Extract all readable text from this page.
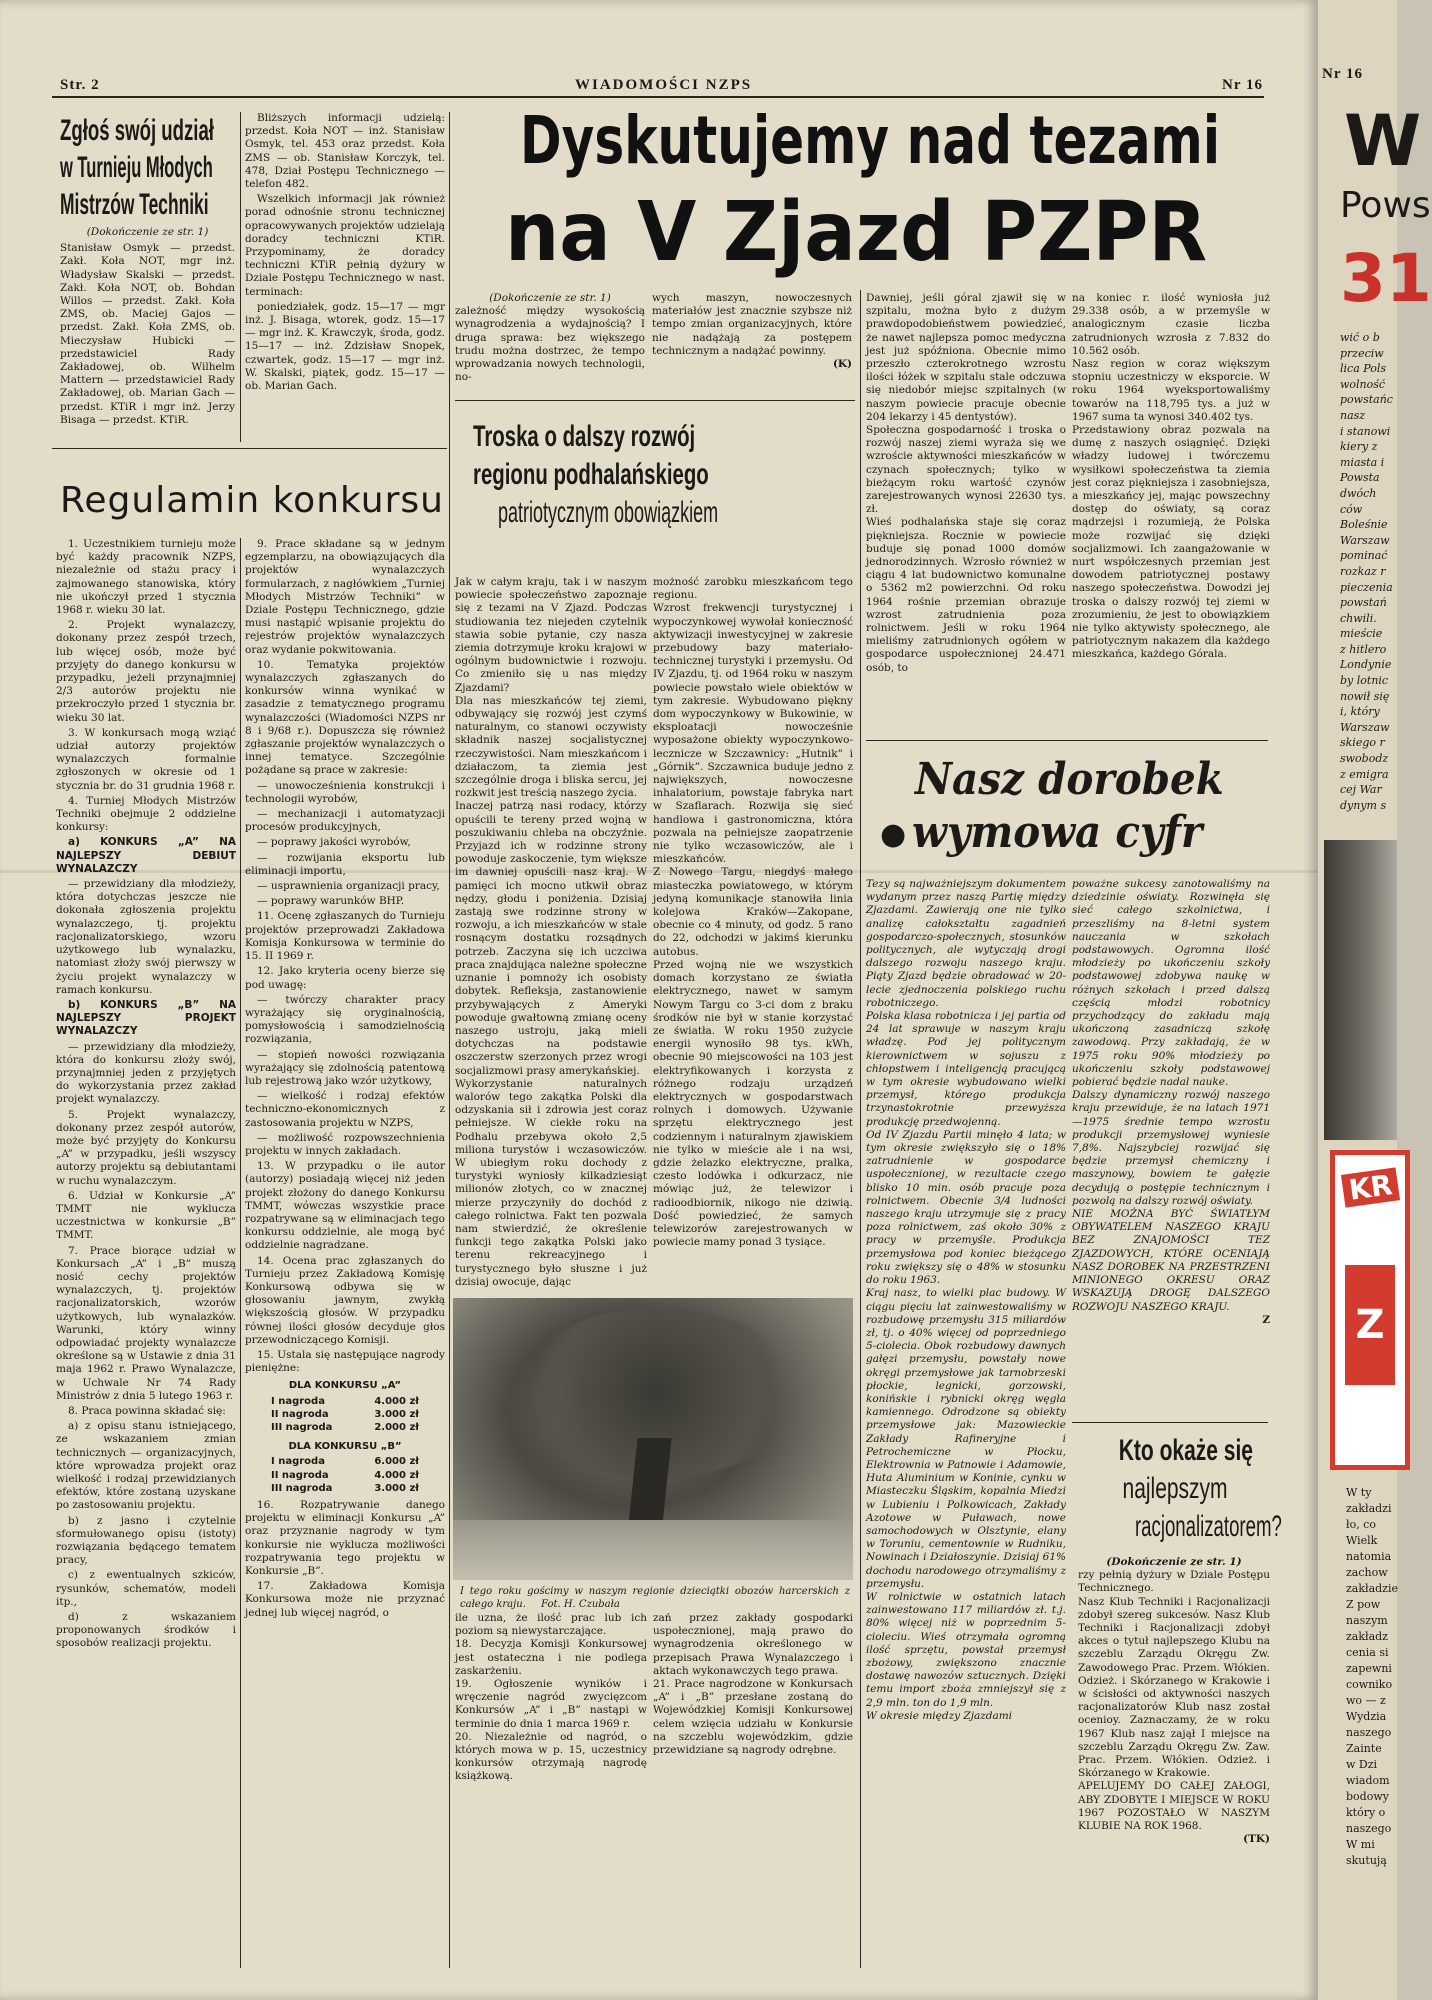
Str. 2	WIADOMOŚCI NZPS	Nr 16
Zgłoś swój udział
w Turnieju Młodych
Mistrzów Techniki
(Dokończenie ze str. 1)
Stanisław Osmyk — przedst. Zakł. Koła NOT, mgr inż. Władysław Skalski — przedst. Zakł. Koła NOT, ob. Bohdan Willos — przedst. Zakł. Koła ZMS, ob. Maciej Gajos — przedst. Zakł. Koła ZMS, ob. Mieczysław Hubicki — przedstawiciel Rady Zakładowej, ob. Wilhelm Mattern — przedstawiciel Rady Zakładowej, ob. Marian Gach — przedst. KTiR i mgr inż. Jerzy Bisaga — przedst. KTiR.

Bliższych informacji udzielą: przedst. Koła NOT — inż. Stanisław Osmyk, tel. 453 oraz przedst. Koła ZMS — ob. Stanisław Korczyk, tel. 478, Dział Postępu Technicznego — telefon 482.

Wszelkich informacji jak również porad odnośnie stronu technicznej opracowywanych projektów udzielają doradcy techniczni KTiR. Przypominamy, że doradcy techniczni KTiR pełnią dyżury w Dziale Postępu Technicznego w nast. terminach:

poniedziałek, godz. 15—17 — mgr inż. J. Bisaga, wtorek, godz. 15—17 — mgr inż. K. Krawczyk, środa, godz. 15—17 — inż. Zdzisław Snopek, czwartek, godz. 15—17 — mgr inż. W. Skalski, piątek, godz. 15—17 — ob. Marian Gach.

Regulamin konkursu

1. Uczestnikiem turnieju może być każdy pracownik NZPS, niezależnie od stażu pracy i zajmowanego stanowiska, który nie ukończył przed 1 stycznia 1968 r. wieku 30 lat.

2. Projekt wynalazczy, dokonany przez zespół trzech, lub więcej osób, może być przyjęty do danego konkursu w przypadku, jeżeli przynajmniej 2/3 autorów projektu nie przekroczyło przed 1 stycznia br. wieku 30 lat.

3. W konkursach mogą wziąć udział autorzy projektów wynalazczych formalnie zgłoszonych w okresie od 1 stycznia br. do 31 grudnia 1968 r.

4. Turniej Młodych Mistrzów Techniki obejmuje 2 oddzielne konkursy:

a) KONKURS „A” NA NAJLEPSZY DEBIUT WYNALAZCZY

— przewidziany dla młodzieży, która dotychczas jeszcze nie dokonała zgłoszenia projektu wynalazczego, tj. projektu racjonalizatorskiego, wzoru użytkowego lub wynalazku, natomiast złoży swój pierwszy w życiu projekt wynalazczy w ramach konkursu.

b) KONKURS „B” NA NAJLEPSZY PROJEKT WYNALAZCZY

— przewidziany dla młodzieży, która do konkursu złoży swój, przynajmniej jeden z przyjętych do wykorzystania przez zakład projekt wynalazczy.

5. Projekt wynalazczy, dokonany przez zespół autorów, może być przyjęty do Konkursu „A” w przypadku, jeśli wszyscy autorzy projektu są debiutantami w ruchu wynalazczym.

6. Udział w Konkursie „A” TMMT nie wyklucza uczestnictwa w konkursie „B” TMMT.

7. Prace biorące udział w Konkursach „A” i „B” muszą nosić cechy projektów wynalazczych, tj. projektów racjonalizatorskich, wzorów użytkowych, lub wynalazków. Warunki, który winny odpowiadać projekty wynalazcze określone są w Ustawie z dnia 31 maja 1962 r. Prawo Wynalazcze, w Uchwale Nr 74 Rady Ministrów z dnia 5 lutego 1963 r.

8. Praca powinna składać się:

a) z opisu stanu istniejącego, ze wskazaniem zmian technicznych — organizacyjnych, które wprowadza projekt oraz wielkość i rodzaj przewidzianych efektów, które zostaną uzyskane po zastosowaniu projektu.

b) z jasno i czytelnie sformułowanego opisu (istoty) rozwiązania będącego tematem pracy,

c) z ewentualnych szkiców, rysunków, schematów, modeli itp.,

d) z wskazaniem proponowanych środków i sposobów realizacji projektu.

9. Prace składane są w jednym egzemplarzu, na obowiązujących dla projektów wynalazczych formularzach, z nagłówkiem „Turniej Młodych Mistrzów Techniki” w Dziale Postępu Technicznego, gdzie musi nastąpić wpisanie projektu do rejestrów projektów wynalazczych oraz wydanie pokwitowania.

10. Tematyka projektów wynalazczych zgłaszanych do konkursów winna wynikać w zasadzie z tematycznego programu wynalazczości (Wiadomości NZPS nr 8 i 9/68 r.). Dopuszcza się również zgłaszanie projektów wynalazczych o innej tematyce. Szczególnie pożądane są prace w zakresie:

— unowocześnienia konstrukcji i technologii wyrobów,

— mechanizacji i automatyzacji procesów produkcyjnych,

— poprawy jakości wyrobów,

— rozwijania eksportu lub eliminacji importu,

— usprawnienia organizacji pracy,

— poprawy warunków BHP.

11. Ocenę zgłaszanych do Turnieju projektów przeprowadzi Zakładowa Komisja Konkursowa w terminie do 15. II 1969 r.

12. Jako kryteria oceny bierze się pod uwagę:

— twórczy charakter pracy wyrażający się oryginalnością, pomysłowością i samodzielnością rozwiązania,

— stopień nowości rozwiązania wyrażający się zdolnością patentową lub rejestrową jako wzór użytkowy,

— wielkość i rodzaj efektów techniczno-ekonomicznych z zastosowania projektu w NZPS,

— możliwość rozpowszechnienia projektu w innych zakładach.

13. W przypadku o ile autor (autorzy) posiadają więcej niż jeden projekt złożony do danego Konkursu TMMT, wówczas wszystkie prace rozpatrywane są w eliminacjach tego konkursu oddzielnie, ale mogą być oddzielnie nagradzane.

14. Ocena prac zgłaszanych do Turnieju przez Zakładową Komisję Konkursową odbywa się w głosowaniu jawnym, zwykłą większością głosów. W przypadku równej ilości głosów decyduje głos przewodniczącego Komisji.

15. Ustala się następujące nagrody pieniężne:

DLA KONKURSU „A”
I nagroda	4.000 zł
II nagroda	3.000 zł
III nagroda	2.000 zł
DLA KONKURSU „B”
I nagroda	6.000 zł
II nagroda	4.000 zł
III nagroda	3.000 zł

16. Rozpatrywanie danego projektu w eliminacji Konkursu „A” oraz przyznanie nagrody w tym konkursie nie wyklucza możliwości rozpatrywania tego projektu w Konkursie „B”.

17. Zakładowa Komisja Konkursowa może nie przyznać jednej lub więcej nagród, o

Dyskutujemy nad tezami
na V Zjazd PZPR
(Dokończenie ze str. 1)
zależność między wysokością wynagrodzenia a wydajnością? I druga sprawa: bez większego trudu można dostrzec, że tempo wprowadzania nowych technologii, no-
wych maszyn, nowoczesnych materiałów jest znacznie szybsze niż tempo zmian organizacyjnych, które nie nadążają za postępem technicznym a nadążać powinny.
(K)
Troska o dalszy rozwój
regionu podhalańskiego
patriotycznym obowiązkiem
Jak w całym kraju, tak i w naszym powiecie społeczeństwo zapoznaje się z tezami na V Zjazd. Podczas studiowania tez niejeden czytelnik stawia sobie pytanie, czy nasza ziemia dotrzymuje kroku krajowi w ogólnym budownictwie i rozwoju. Co zmieniło się u nas między Zjazdami?
Dla nas mieszkańców tej ziemi, odbywający się rozwój jest czymś naturalnym, co stanowi oczywisty składnik naszej socjalistycznej rzeczywistości. Nam mieszkańcom i działaczom, ta ziemia jest szczególnie droga i bliska sercu, jej rozkwit jest treścią naszego życia.
Inaczej patrzą nasi rodacy, którzy opuścili te tereny przed wojną w poszukiwaniu chleba na obczyźnie. Przyjazd ich w rodzinne strony powoduje zaskoczenie, tym większe im dawniej opuścili nasz kraj. W pamięci ich mocno utkwił obraz nędzy, głodu i poniżenia. Dzisiaj zastają swe rodzinne strony w rozwoju, a ich mieszkańców w stale rosnącym dostatku rozsądnych potrzeb. Zaczyna się ich uczciwa praca znajdująca należne społeczne uznanie i pomnoży ich osobisty dobytek. Refleksja, zastanowienie przybywających z Ameryki powoduje gwałtowną zmianę oceny naszego ustroju, jaką mieli dotychczas na podstawie oszczerstw szerzonych przez wrogi socjalizmowi prasy amerykańskiej.
Wykorzystanie naturalnych walorów tego zakątka Polski dla odzyskania sił i zdrowia jest coraz pełniejsze. W ciekłe roku na Podhalu przebywa około 2,5 miliona turystów i wczasowiczów. W ubiegłym roku dochody z turystyki wyniosły kilkadziesiąt milionów złotych, co w znacznej mierze przyczyniły do dochód z całego rolnictwa. Fakt ten pozwala nam stwierdzić, że określenie funkcji tego zakątka Polski jako terenu rekreacyjnego i turystycznego było słuszne i już dzisiaj owocuje, dając
możność zarobku mieszkańcom tego regionu.
Wzrost frekwencji turystycznej i wypoczynkowej wywołał konieczność aktywizacji inwestycyjnej w zakresie przebudowy bazy materiało-technicznej turystyki i przemysłu. Od IV Zjazdu, tj. od 1964 roku w naszym powiecie powstało wiele obiektów w tym zakresie. Wybudowano piękny dom wypoczynkowy w Bukowinie, w eksploatacji nowocześnie wyposażone obiekty wypoczynkowo-lecznicze w Szczawnicy: „Hutnik” i „Górnik”. Szczawnica buduje jedno z największych, nowoczesne inhalatorium, powstaje fabryka nart w Szaflarach. Rozwija się sieć handlowa i gastronomiczna, która pozwala na pełniejsze zaopatrzenie nie tylko wczasowiczów, ale i mieszkańców.
Z Nowego Targu, niegdyś małego miasteczka powiatowego, w którym jedyną komunikacje stanowiła linia kolejowa Kraków—Zakopane, obecnie co 4 minuty, od godz. 5 rano do 22, odchodzi w jakimś kierunku autobus.
Przed wojną nie we wszystkich domach korzystano ze światła elektrycznego, nawet w samym Nowym Targu co 3-ci dom z braku środków nie był w stanie korzystać ze światła. W roku 1950 zużycie energii wynosiło 98 tys. kWh, obecnie 90 miejscowości na 103 jest elektryfikowanych i korzysta z różnego rodzaju urządzeń elektrycznych w gospodarstwach rolnych i domowych. Używanie sprzętu elektrycznego jest codziennym i naturalnym zjawiskiem nie tylko w mieście ale i na wsi, gdzie żelazko elektryczne, pralka, czesto lodówka i odkurzacz, nie mówiąc już, że telewizor i radioodbiornik, nikogo nie dziwią. Dość powiedzieć, że samych telewizorów zarejestrowanych w powiecie mamy ponad 3 tysiące.
I tego roku gościmy w naszym regionie dzieciątki obozów harcerskich z całego kraju. Fot. H. Czubała
ile uzna, że ilość prac lub ich poziom są niewystarczające.
18. Decyzja Komisji Konkursowej jest ostateczna i nie podlega zaskarżeniu.
19. Ogłoszenie wyników i wręczenie nagród zwycięzcom Konkursów „A” i „B” nastąpi w terminie do dnia 1 marca 1969 r.
20. Niezależnie od nagród, o których mowa w p. 15, uczestnicy konkursów otrzymają nagrodę książkową.
zań przez zakłady gospodarki uspołecznionej, mają prawo do wynagrodzenia określonego w przepisach Prawa Wynalazczego i aktach wykonawczych tego prawa.
21. Prace nagrodzone w Konkursach „A” i „B” przesłane zostaną do Wojewódzkiej Komisji Konkursowej celem wzięcia udziału w Konkursie na szczeblu wojewódzkim, gdzie przewidziane są nagrody odrębne.
Dawniej, jeśli góral zjawił się w szpitalu, można było z dużym prawdopodobieństwem powiedzieć, że nawet najlepsza pomoc medyczna jest już spóźniona. Obecnie mimo przeszło czterokrotnego wzrostu ilości łóżek w szpitalu stale odczuwa się niedobór miejsc szpitalnych (w naszym powiecie pracuje obecnie 204 lekarzy i 45 dentystów).
Społeczna gospodarność i troska o rozwój naszej ziemi wyraża się we wzroście aktywności mieszkańców w czynach społecznych; tylko w bieżącym roku wartość czynów zarejestrowanych wynosi 22630 tys. zł.
Wieś podhalańska staje się coraz piękniejsza. Rocznie w powiecie buduje się ponad 1000 domów jednorodzinnych. Wzrosło również w ciągu 4 lat budownictwo komunalne o 5362 m2 powierzchni. Od roku 1964 rośnie przemian obrazuje wzrost zatrudnienia poza rolnictwem. Jeśli w roku 1964 mieliśmy zatrudnionych ogółem w gospodarce uspołecznionej 24.471 osób, to
na koniec r. ilość wyniosła już 29.338 osób, a w przemyśle w analogicznym czasie liczba zatrudnionych wzrosła z 7.832 do 10.562 osób.
Nasz region w coraz większym stopniu uczestniczy w eksporcie. W roku 1964 wyeksportowaliśmy towarów na 118,795 tys. a już w 1967 suma ta wynosi 340.402 tys.
Przedstawiony obraz pozwala na dumę z naszych osiągnięć. Dzięki władzy ludowej i twórczemu wysiłkowi społeczeństwa ta ziemia jest coraz piękniejsza i zasobniejsza, a mieszkańcy jej, mając powszechny dostęp do oświaty, są coraz mądrzejsi i rozumieją, że Polska może rozwijać się dzięki socjalizmowi. Ich zaangażowanie w nurt współczesnych przemian jest dowodem patriotycznej postawy naszego społeczeństwa. Dowodzi jej troska o dalszy rozwój tej ziemi w zrozumieniu, że jest to obowiązkiem nie tylko aktywisty społecznego, ale patriotycznym nakazem dla każdego mieszkańca, każdego Górala.
Nasz dorobek
● wymowa cyfr
Tezy są najważniejszym dokumentem wydanym przez naszą Partię między Zjazdami. Zawierają one nie tylko analizę całokształtu zagadnień gospodarczo-społecznych, stosunków politycznych, ale wytyczają drogi dalszego rozwoju naszego kraju. Piąty Zjazd będzie obradować w 20-lecie zjednoczenia polskiego ruchu robotniczego.
Polska klasa robotnicza i jej partia od 24 lat sprawuje w naszym kraju władzę. Pod jej politycznym kierownictwem w sojuszu z chłopstwem i inteligencją pracującą w tym okresie wybudowano wielki przemysł, którego produkcja trzynastokrotnie przewyższa produkcję przedwojenną.
Od IV Zjazdu Partii minęło 4 lata; w tym okresie zwiększyło się o 18% zatrudnienie w gospodarce uspołecznionej, w rezultacie czego blisko 10 min. osób pracuje poza rolnictwem. Obecnie 3/4 ludności naszego kraju utrzymuje się z pracy poza rolnictwem, zaś około 30% z pracy w przemyśle. Produkcja przemysłowa pod koniec bieżącego roku zwiększy się o 48% w stosunku do roku 1963.
Kraj nasz, to wielki plac budowy. W ciągu pięciu lat zainwestowaliśmy w rozbudowę przemysłu 315 miliardów zł, tj. o 40% więcej od poprzedniego 5-ciolecia. Obok rozbudowy dawnych gałęzi przemysłu, powstały nowe okręgi przemysłowe jak tarnobrzeski płockie, legnicki, gorzowski, konińskie i rybnicki okręg węgla kamiennego. Odrodzone są obiekty przemysłowe jak: Mazowieckie Zakłady Rafineryjne i Petrochemiczne w Płocku, Elektrownia w Patnowie i Adamowie, Huta Aluminium w Koninie, cynku w Miasteczku Śląskim, kopalnia Miedzi w Lubieniu i Polkowicach, Zakłady Azotowe w Puławach, nowe samochodowych w Olsztynie, elany w Toruniu, cementownie w Rudniku, Nowinach i Działoszynie. Dzisiaj 61% dochodu narodowego otrzymaliśmy z przemysłu.
W rolnictwie w ostatnich latach zainwestowano 117 miliardów zł. t.j. 80% więcej niż w poprzednim 5-cioleciu. Wieś otrzymała ogromną ilość sprzętu, powstał przemysł zbożowy, zwiększono znacznie dostawę nawozów sztucznych. Dzięki temu import zboża zmniejszył się z 2,9 mln. ton do 1,9 mln.
W okresie między Zjazdami
poważne sukcesy zanotowaliśmy na dziedzinie oświaty. Rozwinęła się sieć całego szkolnictwa, i przeszliśmy na 8-letni system nauczania w szkołach podstawowych. Ogromna ilość młodzieży po ukończeniu szkoły podstawowej zdobywa naukę w różnych szkołach i przed dalszą częścią młodzi robotnicy przychodzący do zakładu mają ukończoną zasadniczą szkołę zawodową. Przy zakładają, że w 1975 roku 90% młodzieży po ukończeniu szkoły podstawowej pobierać będzie nadal nauke.
Dalszy dynamiczny rozwój naszego kraju przewiduje, że na latach 1971—1975 średnie tempo wzrostu produkcji przemysłowej wyniesie 7,8%. Najszybciej rozwijać się będzie przemysł chemiczny i maszynowy, bowiem te gałęzie decydują o postępie technicznym i pozwolą na dalszy rozwój oświaty.
NIE MOŻNA BYĆ ŚWIATŁYM OBYWATELEM NASZEGO KRAJU BEZ ZNAJOMOŚCI TEZ ZJAZDOWYCH, KTÓRE OCENIAJĄ NASZ DOROBEK NA PRZESTRZENI MINIONEGO OKRESU ORAZ WSKAZUJĄ DROGĘ DALSZEGO ROZWOJU NASZEGO KRAJU.
Z
Kto okaże się
najlepszym
racjonalizatorem?
(Dokończenie ze str. 1)
rzy pełnią dyżury w Dziale Postępu Technicznego.
Nasz Klub Techniki i Racjonalizacji zdobył szereg sukcesów. Nasz Klub Techniki i Racjonalizacji zdobył akces o tytuł najlepszego Klubu na szczeblu Zarządu Okręgu Zw. Zawodowego Prac. Przem. Włókien. Odzież. i Skórzanego w Krakowie i w ścisłości od aktywności naszych racjonalizatorów Klub nasz został ocenioy. Zaznaczamy, że w roku 1967 Klub nasz zajął I miejsce na szczeblu Zarządu Okręgu Zw. Zaw. Prac. Przem. Włókien. Odzież. i Skórzanego w Krakowie.
APELUJEMY DO CAŁEJ ZAŁOGI, ABY ZDOBYTE I MIEJSCE W ROKU 1967 POZOSTAŁO W NASZYM KLUBIE NA ROK 1968.
(TK)
Nr 16
W
Pows
31
wić o b
przeciw
lica Pols
wolność
powstańc
nasz
i stanowi
kiery z
miasta i
Powsta
dwóch
ców
Boleśnie
Warszaw
pominać
rozkaz r
pieczenia
powstań
chwili.
mieście
z hitlero
Londynie
by lotnic
nowił się
i, który
Warszaw
skiego r
swobodz
z emigra
cej War
dynym s
W ty
zakładzi
ło, co
Wielk
natomia
zachow
zakładzie
Z pow
naszym
zakładz
cenia si
zapewni
cowniko
wo — z
Wydzia
naszego
Zainte
w Dzi
wiadom
bodowy
który o
naszego
W mi
skutują
KR
Z
